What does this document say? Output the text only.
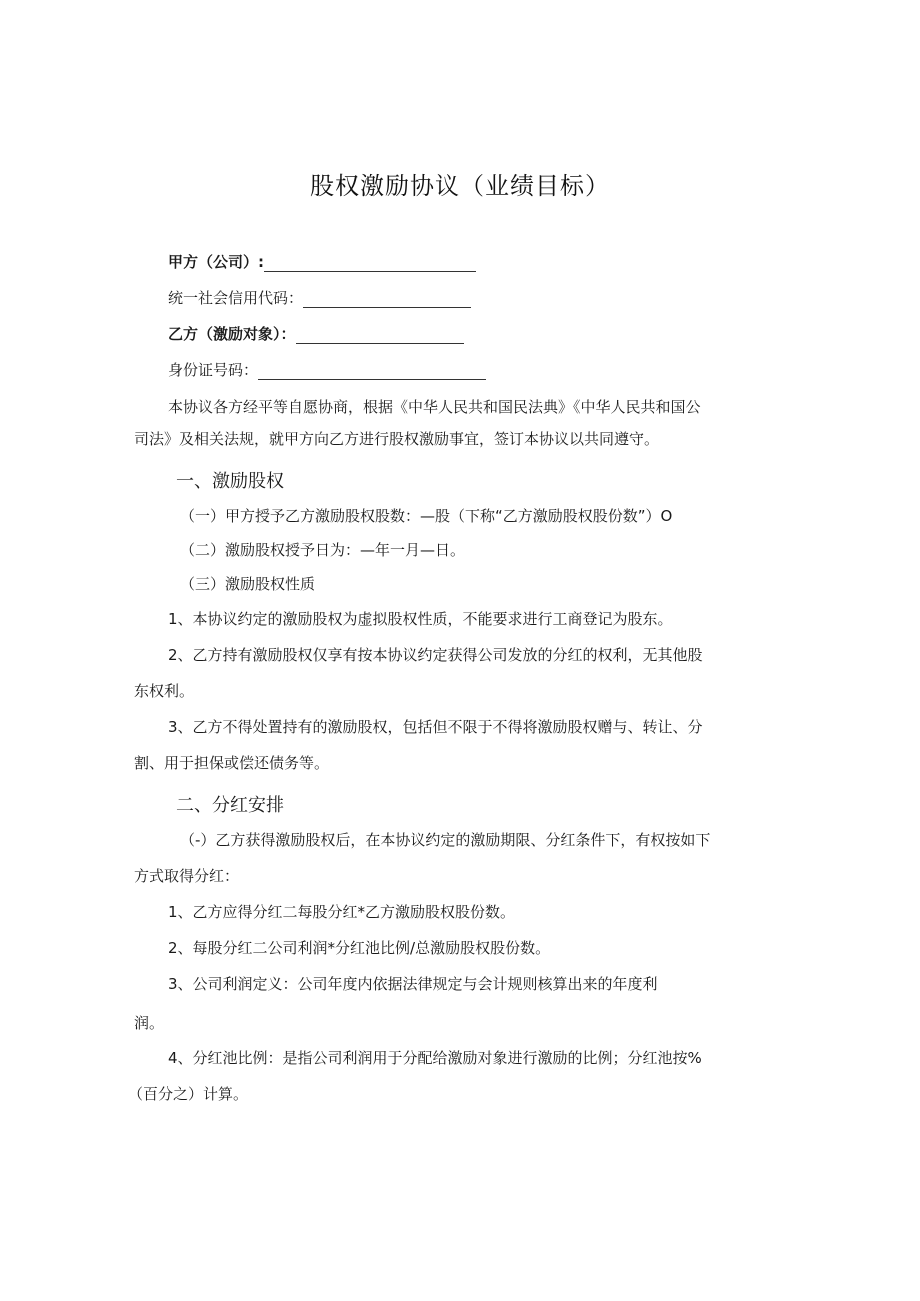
股权激励协议（业绩目标）
甲方（公司）:
统一社会信用代码：
乙方（激励对象）：
身份证号码：
本协议各方经平等自愿协商，根据《中华人民共和国民法典》《中华人民共和国公
司法》及相关法规，就甲方向乙方进行股权激励事宜，签订本协议以共同遵守。
一、激励股权
（一）甲方授予乙方激励股权股数：—股（下称“乙方激励股权股份数”）O
（二）激励股权授予日为：—年一月—日。
（三）激励股权性质
1、本协议约定的激励股权为虚拟股权性质，不能要求进行工商登记为股东。
2、乙方持有激励股权仅享有按本协议约定获得公司发放的分红的权利，无其他股
东权利。
3、乙方不得处置持有的激励股权，包括但不限于不得将激励股权赠与、转让、分
割、用于担保或偿还债务等。
二、分红安排
（-）乙方获得激励股权后，在本协议约定的激励期限、分红条件下，有权按如下
方式取得分红：
1、乙方应得分红二每股分红*乙方激励股权股份数。
2、每股分红二公司利润*分红池比例/总激励股权股份数。
3、公司利润定义：公司年度内依据法律规定与会计规则核算出来的年度利
润。
4、分红池比例：是指公司利润用于分配给激励对象进行激励的比例；分红池按%
（百分之）计算。
